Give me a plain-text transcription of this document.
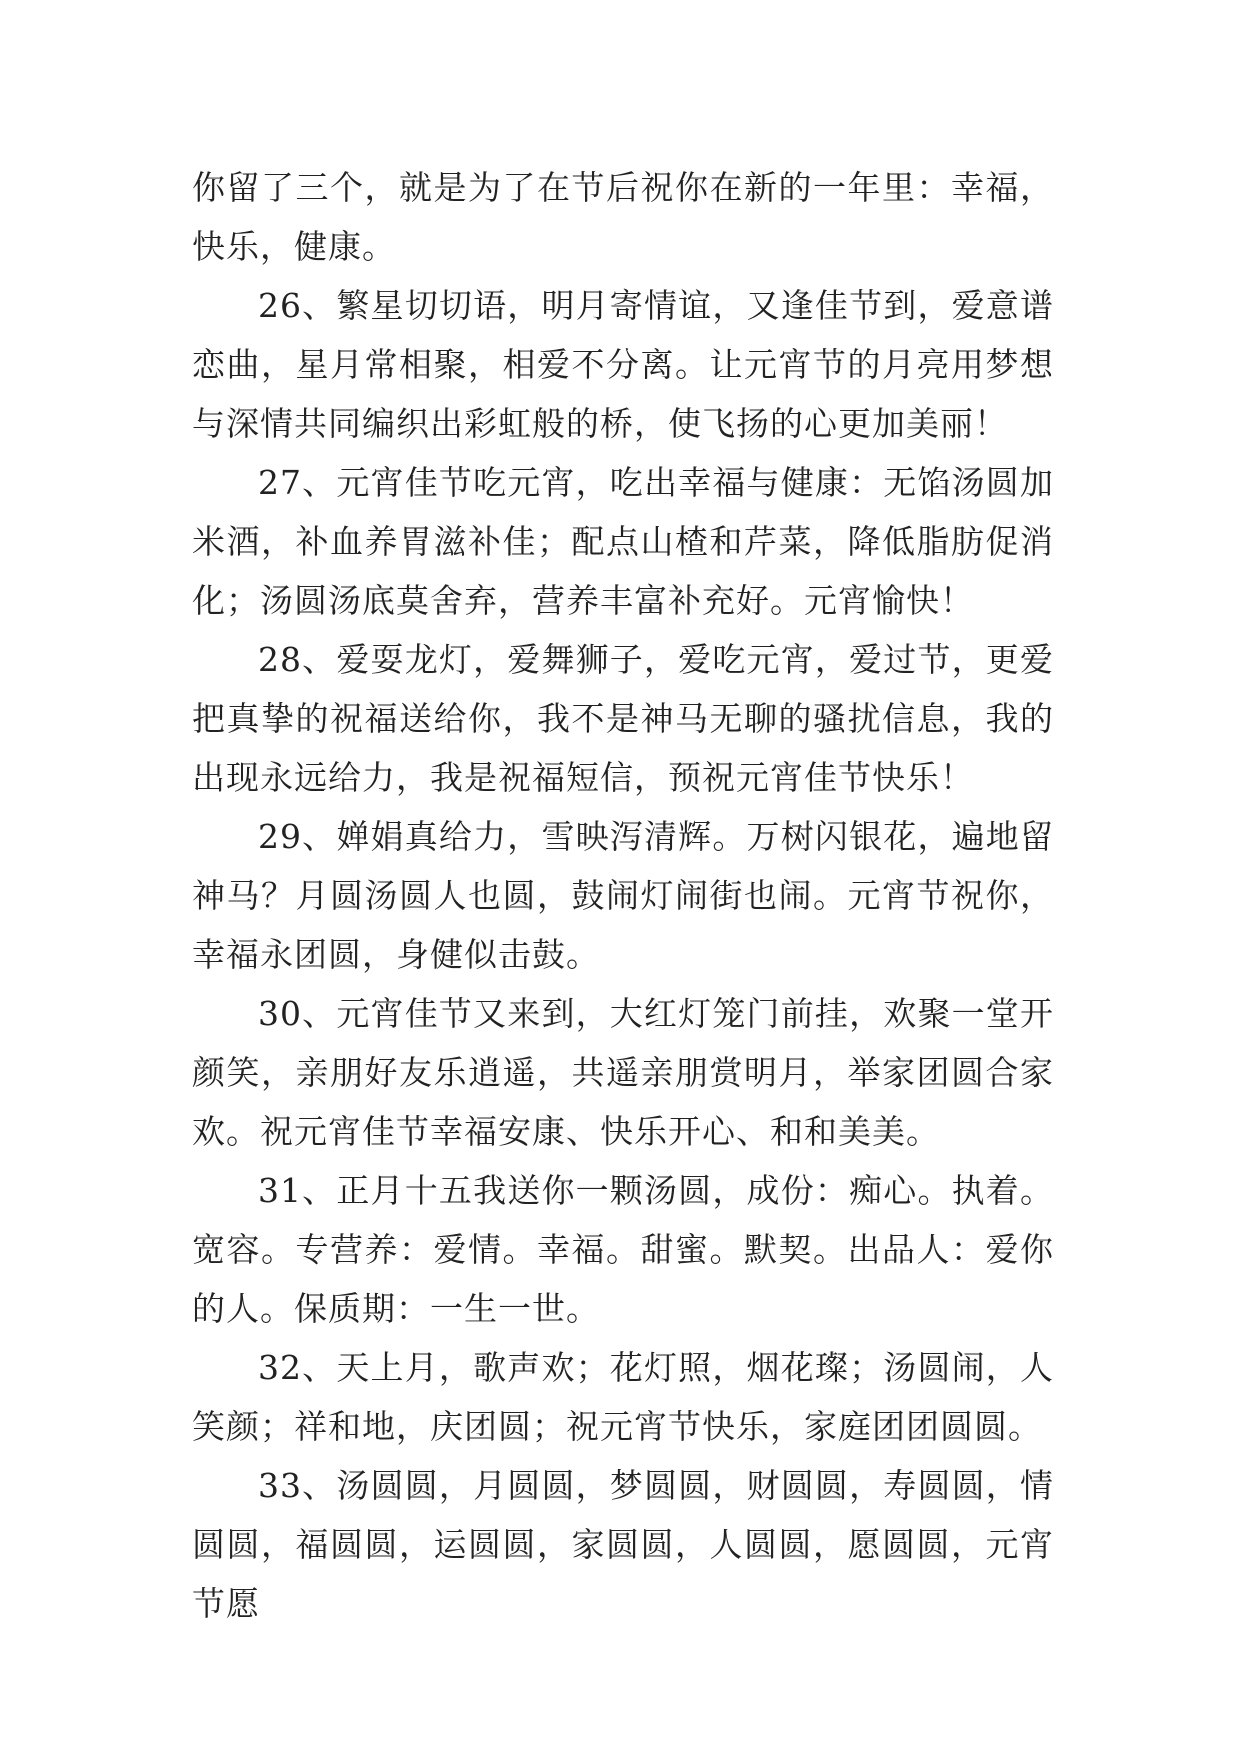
你留了三个，就是为了在节后祝你在新的一年里：幸福，快乐，健康。

26、繁星切切语，明月寄情谊，又逢佳节到，爱意谱恋曲，星月常相聚，相爱不分离。让元宵节的月亮用梦想与深情共同编织出彩虹般的桥，使飞扬的心更加美丽！

27、元宵佳节吃元宵，吃出幸福与健康：无馅汤圆加米酒，补血养胃滋补佳；配点山楂和芹菜，降低脂肪促消化；汤圆汤底莫舍弃，营养丰富补充好。元宵愉快！

28、爱耍龙灯，爱舞狮子，爱吃元宵，爱过节，更爱把真挚的祝福送给你，我不是神马无聊的骚扰信息，我的出现永远给力，我是祝福短信，预祝元宵佳节快乐！

29、婵娟真给力，雪映泻清辉。万树闪银花，遍地留神马？月圆汤圆人也圆，鼓闹灯闹街也闹。元宵节祝你，幸福永团圆，身健似击鼓。

30、元宵佳节又来到，大红灯笼门前挂，欢聚一堂开颜笑，亲朋好友乐逍遥，共遥亲朋赏明月，举家团圆合家欢。祝元宵佳节幸福安康、快乐开心、和和美美。

31、正月十五我送你一颗汤圆，成份：痴心。执着。宽容。专营养：爱情。幸福。甜蜜。默契。出品人：爱你的人。保质期：一生一世。

32、天上月，歌声欢；花灯照，烟花璨；汤圆闹，人笑颜；祥和地，庆团圆；祝元宵节快乐，家庭团团圆圆。

33、汤圆圆，月圆圆，梦圆圆，财圆圆，寿圆圆，情圆圆，福圆圆，运圆圆，家圆圆，人圆圆，愿圆圆，元宵节愿
